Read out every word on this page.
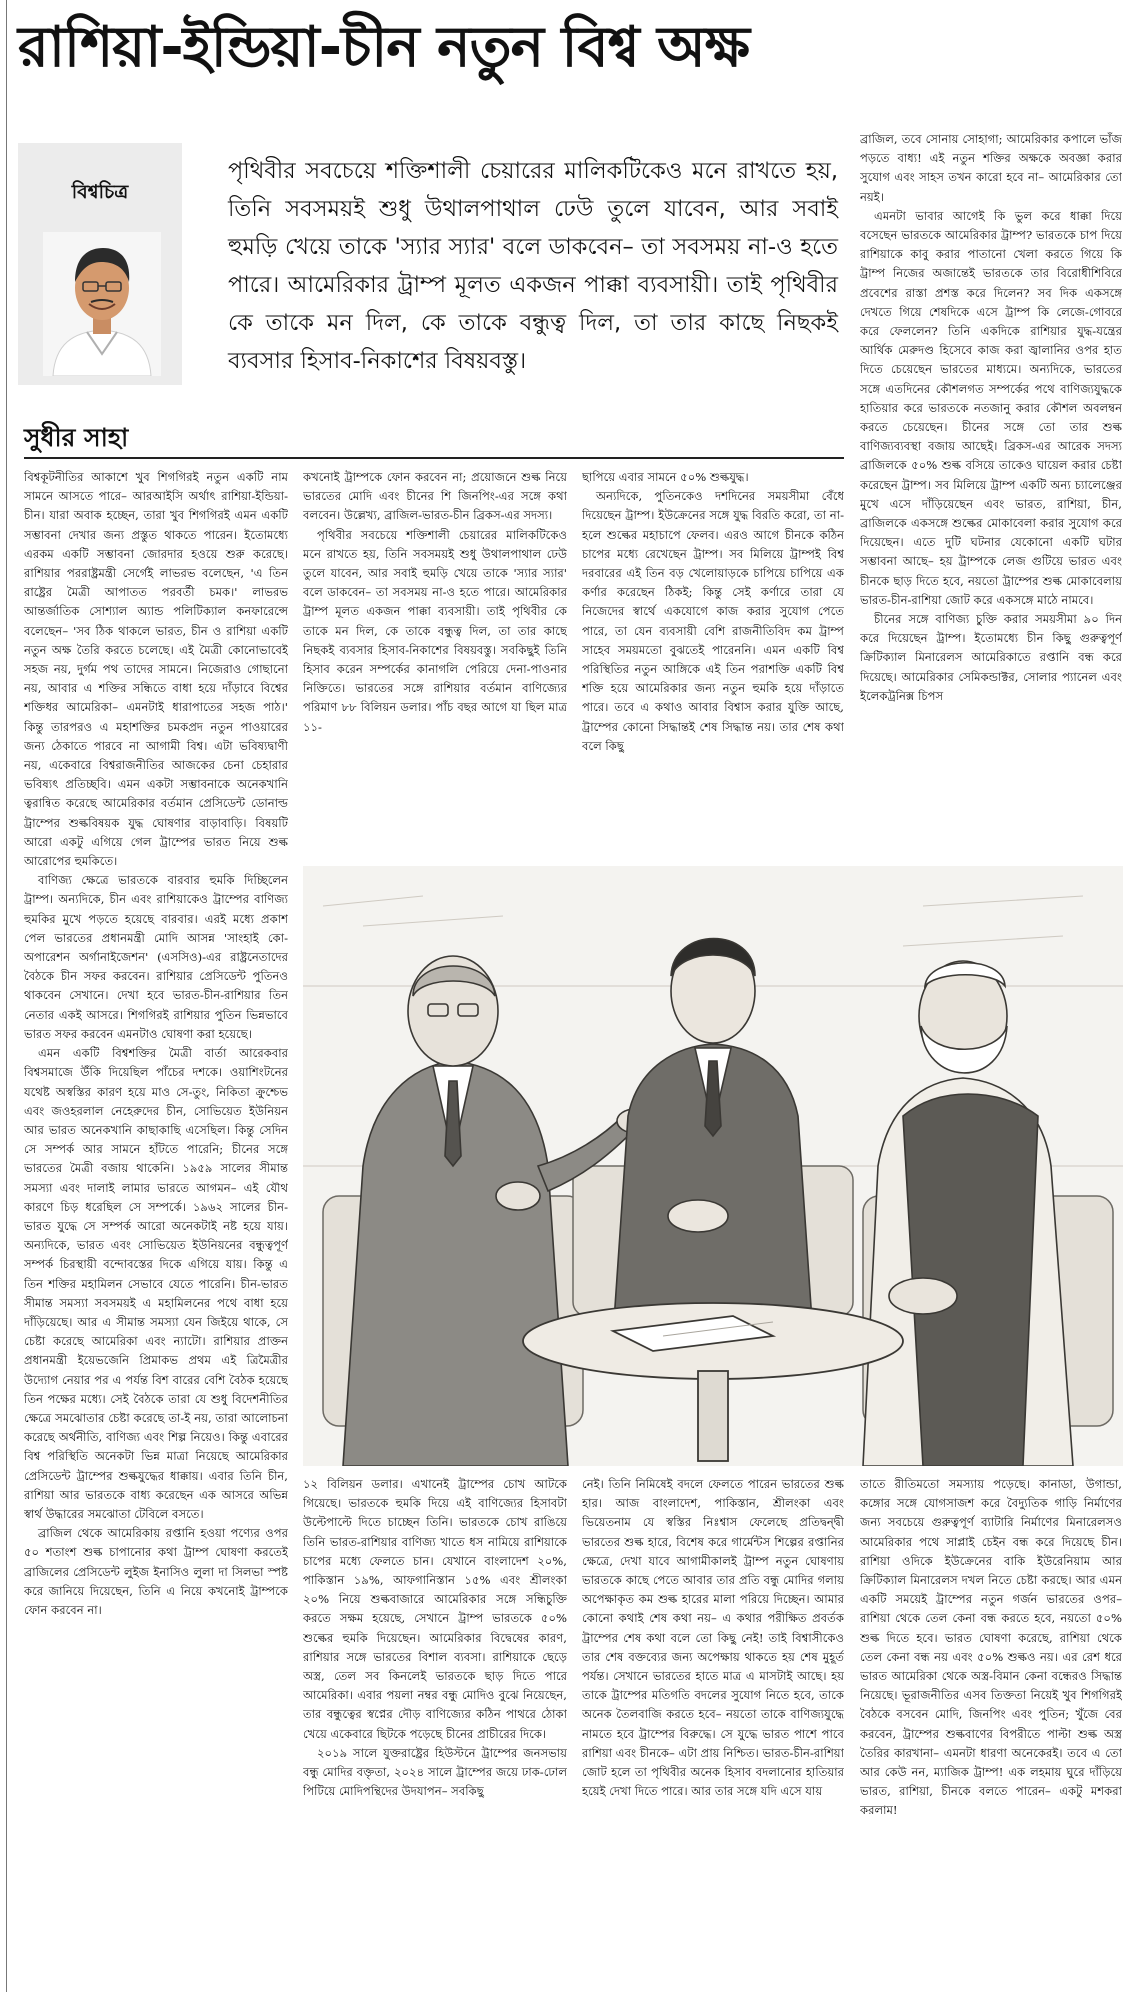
রাশিয়া-ইন্ডিয়া-চীন নতুন বিশ্ব অক্ষ
বিশ্বচিত্র
পৃথিবীর সবচেয়ে শক্তিশালী চেয়ারের মালিকটিকেও মনে রাখতে হয়, তিনি সবসময়ই শুধু উথালপাথাল ঢেউ তুলে যাবেন, আর সবাই হুমড়ি খেয়ে তাকে 'স্যার স্যার' বলে ডাকবেন– তা সবসময় না-ও হতে পারে। আমেরিকার ট্রাম্প মূলত একজন পাক্কা ব্যবসায়ী। তাই পৃথিবীর কে তাকে মন দিল, কে তাকে বন্ধুত্ব দিল, তা তার কাছে নিছকই ব্যবসার হিসাব-নিকাশের বিষয়বস্তু।
সুধীর সাহা

বিশ্বকূটনীতির আকাশে খুব শিগগিরই নতুন একটি নাম সামনে আসতে পারে– আরআইসি অর্থাৎ রাশিয়া-ইন্ডিয়া-চীন। যারা অবাক হচ্ছেন, তারা খুব শিগগিরই এমন একটি সম্ভাবনা দেখার জন্য প্রস্তুত থাকতে পারেন। ইতোমধ্যে এরকম একটি সম্ভাবনা জোরদার হওয়ে শুরু করেছে। রাশিয়ার পররাষ্ট্রমন্ত্রী সের্গেই লাভরভ বলেছেন, 'এ তিন রাষ্ট্রের মৈত্রী আপাতত পরবর্তী চমক।' লাভরভ আন্তর্জাতিক সোশ্যাল অ্যান্ড পলিটিক্যাল কনফারেন্সে বলেছেন– 'সব ঠিক থাকলে ভারত, চীন ও রাশিয়া একটি নতুন অক্ষ তৈরি করতে চলেছে। এই মৈত্রী কোনোভাবেই সহজ নয়, দুর্গম পথ তাদের সামনে। নিজেরাও গোছানো নয়, আবার এ শক্তির সন্ধিতে বাধা হয়ে দাঁড়াবে বিশ্বের শক্তিধর আমেরিকা– এমনটাই ধারাপাতের সহজ পাঠ।' কিন্তু তারপরও এ মহাশক্তির চমকপ্রদ নতুন পাওয়ারের জন্য ঠেকাতে পারবে না আগামী বিশ্ব। এটা ভবিষ্যদ্বাণী নয়, একেবারে বিশ্বরাজনীতির আজকের চেনা চেহারার ভবিষ্যৎ প্রতিচ্ছবি। এমন একটা সম্ভাবনাকে অনেকখানি ত্বরান্বিত করেছে আমেরিকার বর্তমান প্রেসিডেন্ট ডোনাল্ড ট্রাম্পের শুল্কবিষয়ক যুদ্ধ ঘোষণার বাড়াবাড়ি। বিষয়টি আরো একটু এগিয়ে গেল ট্রাম্পের ভারত নিয়ে শুল্ক আরোপের হুমকিতে।

বাণিজ্য ক্ষেত্রে ভারতকে বারবার হুমকি দিচ্ছিলেন ট্রাম্প। অন্যদিকে, চীন এবং রাশিয়াকেও ট্রাম্পের বাণিজ্য হুমকির মুখে পড়তে হয়েছে বারবার। এরই মধ্যে প্রকাশ পেল ভারতের প্রধানমন্ত্রী মোদি আসন্ন 'সাংহাই কো-অপারেশন অর্গানাইজেশন' (এসসিও)-এর রাষ্ট্রনেতাদের বৈঠকে চীন সফর করবেন। রাশিয়ার প্রেসিডেন্ট পুতিনও থাকবেন সেখানে। দেখা হবে ভারত-চীন-রাশিয়ার তিন নেতার একই আসরে। শিগগিরই রাশিয়ার পুতিন ভিন্নভাবে ভারত সফর করবেন এমনটাও ঘোষণা করা হয়েছে।

এমন একটি বিশ্বশক্তির মৈত্রী বার্তা আরেকবার বিশ্বসমাজে উঁকি দিয়েছিল পাঁচের দশকে। ওয়াশিংটনের যথেষ্ট অস্বস্তির কারণ হয়ে মাও সে-তুং, নিকিতা ক্রুশ্চেভ এবং জওহরলাল নেহেরুদের চীন, সোভিয়েত ইউনিয়ন আর ভারত অনেকখানি কাছাকাছি এসেছিল। কিন্তু সেদিন সে সম্পর্ক আর সামনে হাঁটতে পারেনি; চীনের সঙ্গে ভারতের মৈত্রী বজায় থাকেনি। ১৯৫৯ সালের সীমান্ত সমস্যা এবং দালাই লামার ভারতে আগমন– এই যৌথ কারণে চিড় ধরেছিল সে সম্পর্কে। ১৯৬২ সালের চীন-ভারত যুদ্ধে সে সম্পর্ক আরো অনেকটাই নষ্ট হয়ে যায়। অন্যদিকে, ভারত এবং সোভিয়েত ইউনিয়নের বন্ধুত্বপূর্ণ সম্পর্ক চিরস্থায়ী বন্দোবস্তের দিকে এগিয়ে যায়। কিন্তু এ তিন শক্তির মহামিলন সেভাবে যেতে পারেনি। চীন-ভারত সীমান্ত সমস্যা সবসময়ই এ মহামিলনের পথে বাধা হয়ে দাঁড়িয়েছে। আর এ সীমান্ত সমস্যা যেন জিইয়ে থাকে, সে চেষ্টা করেছে আমেরিকা এবং ন্যাটো। রাশিয়ার প্রাক্তন প্রধানমন্ত্রী ইয়েভজেনি প্রিমাকভ প্রথম এই ত্রিমৈত্রীর উদ্যোগ নেয়ার পর এ পর্যন্ত বিশ বারের বেশি বৈঠক হয়েছে তিন পক্ষের মধ্যে। সেই বৈঠকে তারা যে শুধু বিদেশনীতির ক্ষেত্রে সমঝোতার চেষ্টা করেছে তা-ই নয়, তারা আলোচনা করেছে অর্থনীতি, বাণিজ্য এবং শিল্প নিয়েও। কিন্তু এবারের বিশ্ব পরিস্থিতি অনেকটা ভিন্ন মাত্রা নিয়েছে আমেরিকার প্রেসিডেন্ট ট্রাম্পের শুল্কযুদ্ধের ধাক্কায়। এবার তিনি চীন, রাশিয়া আর ভারতকে বাধ্য করেছেন এক আসরে অভিন্ন স্বার্থ উদ্ধারের সমঝোতা টেবিলে বসতে।

ব্রাজিল থেকে আমেরিকায় রপ্তানি হওয়া পণ্যের ওপর ৫০ শতাংশ শুল্ক চাপানোর কথা ট্রাম্প ঘোষণা করতেই ব্রাজিলের প্রেসিডেন্ট লুইজ ইনাসিও লুলা দা সিলভা স্পষ্ট করে জানিয়ে দিয়েছেন, তিনি এ নিয়ে কখনোই ট্রাম্পকে ফোন করবেন না।

কখনোই ট্রাম্পকে ফোন করবেন না; প্রয়োজনে শুল্ক নিয়ে ভারতের মোদি এবং চীনের শি জিনপিং-এর সঙ্গে কথা বলবেন। উল্লেখ্য, ব্রাজিল-ভারত-চীন ব্রিকস-এর সদস্য।

পৃথিবীর সবচেয়ে শক্তিশালী চেয়ারের মালিকটিকেও মনে রাখতে হয়, তিনি সবসময়ই শুধু উথালপাথাল ঢেউ তুলে যাবেন, আর সবাই হুমড়ি খেয়ে তাকে 'স্যার স্যার' বলে ডাকবেন– তা সবসময় না-ও হতে পারে। আমেরিকার ট্রাম্প মূলত একজন পাক্কা ব্যবসায়ী। তাই পৃথিবীর কে তাকে মন দিল, কে তাকে বন্ধুত্ব দিল, তা তার কাছে নিছকই ব্যবসার হিসাব-নিকাশের বিষয়বস্তু। সবকিছুই তিনি হিসাব করেন সম্পর্কের কানাগলি পেরিয়ে দেনা-পাওনার নিক্তিতে। ভারতের সঙ্গে রাশিয়ার বর্তমান বাণিজ্যের পরিমাণ ৮৮ বিলিয়ন ডলার। পাঁচ বছর আগে যা ছিল মাত্র ১১-

ছাপিয়ে এবার সামনে ৫০% শুল্কযুদ্ধ।

অন্যদিকে, পুতিনকেও দশদিনের সময়সীমা বেঁধে দিয়েছেন ট্রাম্প। ইউক্রেনের সঙ্গে যুদ্ধ বিরতি করো, তা না-হলে শুল্কের মহাচাপে ফেলব। এরও আগে চীনকে কঠিন চাপের মধ্যে রেখেছেন ট্রাম্প। সব মিলিয়ে ট্রাম্পই বিশ্ব দরবারের এই তিন বড় খেলোয়াড়কে চাপিয়ে চাপিয়ে এক কর্ণার করেছেন ঠিকই; কিন্তু সেই কর্ণারে তারা যে নিজেদের স্বার্থে একযোগে কাজ করার সুযোগ পেতে পারে, তা যেন ব্যবসায়ী বেশি রাজনীতিবিদ কম ট্রাম্প সাহেব সময়মতো বুঝতেই পারেননি। এমন একটি বিশ্ব পরিস্থিতির নতুন আঙ্গিকে এই তিন পরাশক্তি একটি বিশ্ব শক্তি হয়ে আমেরিকার জন্য নতুন হুমকি হয়ে দাঁড়াতে পারে। তবে এ কথাও আবার বিশ্বাস করার যুক্তি আছে, ট্রাম্পের কোনো সিদ্ধান্তই শেষ সিদ্ধান্ত নয়। তার শেষ কথা বলে কিছু

ব্রাজিল, তবে সোনায় সোহাগা; আমেরিকার কপালে ভাঁজ পড়তে বাধ্য! এই নতুন শক্তির অক্ষকে অবজ্ঞা করার সুযোগ এবং সাহস তখন কারো হবে না– আমেরিকার তো নয়ই।

এমনটা ভাবার আগেই কি ভুল করে ধাক্কা দিয়ে বসেছেন ভারতকে আমেরিকার ট্রাম্প? ভারতকে চাপ দিয়ে রাশিয়াকে কাবু করার পাতানো খেলা করতে গিয়ে কি ট্রাম্প নিজের অজান্তেই ভারতকে তার বিরোধীশিবিরে প্রবেশের রাস্তা প্রশস্ত করে দিলেন? সব দিক একসঙ্গে দেখতে গিয়ে শেষদিকে এসে ট্রাম্প কি লেজে-গোবরে করে ফেললেন? তিনি একদিকে রাশিয়ার যুদ্ধ-যন্ত্রের আর্থিক মেরুদণ্ড হিসেবে কাজ করা জ্বালানির ওপর হাত দিতে চেয়েছেন ভারতের মাধ্যমে। অন্যদিকে, ভারতের সঙ্গে এতদিনের কৌশলগত সম্পর্কের পথে বাণিজ্যযুদ্ধকে হাতিয়ার করে ভারতকে নতজানু করার কৌশল অবলম্বন করতে চেয়েছেন। চীনের সঙ্গে তো তার শুল্ক বাণিজ্যব্যবস্থা বজায় আছেই। ব্রিকস-এর আরেক সদস্য ব্রাজিলকে ৫০% শুল্ক বসিয়ে তাকেও ঘায়েল করার চেষ্টা করেছেন ট্রাম্প। সব মিলিয়ে ট্রাম্প একটি অন্য চ্যালেঞ্জের মুখে এসে দাঁড়িয়েছেন এবং ভারত, রাশিয়া, চীন, ব্রাজিলকে একসঙ্গে শুল্কের মোকাবেলা করার সুযোগ করে দিয়েছেন। এতে দুটি ঘটনার যেকোনো একটি ঘটার সম্ভাবনা আছে– হয় ট্রাম্পকে লেজ গুটিয়ে ভারত এবং চীনকে ছাড় দিতে হবে, নয়তো ট্রাম্পের শুল্ক মোকাবেলায় ভারত-চীন-রাশিয়া জোট করে একসঙ্গে মাঠে নামবে।

চীনের সঙ্গে বাণিজ্য চুক্তি করার সময়সীমা ৯০ দিন করে দিয়েছেন ট্রাম্প। ইতোমধ্যে চীন কিছু গুরুত্বপূর্ণ ক্রিটিক্যাল মিনারেলস আমেরিকাতে রপ্তানি বন্ধ করে দিয়েছে। আমেরিকার সেমিকন্ডাক্টর, সোলার প্যানেল এবং ইলেকট্রনিক্স চিপস

১২ বিলিয়ন ডলার। এখানেই ট্রাম্পের চোখ আটকে গিয়েছে। ভারতকে হুমকি দিয়ে এই বাণিজ্যের হিসাবটা উল্টেপাল্টে দিতে চাচ্ছেন তিনি। ভারতকে চোখ রাঙিয়ে তিনি ভারত-রাশিয়ার বাণিজ্য খাতে ধস নামিয়ে রাশিয়াকে চাপের মধ্যে ফেলতে চান। যেখানে বাংলাদেশ ২০%, পাকিস্তান ১৯%, আফগানিস্তান ১৫% এবং শ্রীলংকা ২০% নিয়ে শুল্কবাজারে আমেরিকার সঙ্গে সন্ধিচুক্তি করতে সক্ষম হয়েছে, সেখানে ট্রাম্প ভারতকে ৫০% শুল্কের হুমকি দিয়েছেন। আমেরিকার বিদ্বেষের কারণ, রাশিয়ার সঙ্গে ভারতের বিশাল ব্যবসা। রাশিয়াকে ছেড়ে অস্ত্র, তেল সব কিনলেই ভারতকে ছাড় দিতে পারে আমেরিকা। এবার পয়লা নম্বর বন্ধু মোদিও বুঝে নিয়েছেন, তার বন্ধুত্বের স্বপ্নের দৌড় বাণিজ্যের কঠিন পাথরে ঠোকা খেয়ে একেবারে ছিটকে পড়েছে চীনের প্রাচীরের দিকে।

২০১৯ সালে যুক্তরাষ্ট্রের হিউস্টনে ট্রাম্পের জনসভায় বন্ধু মোদির বক্তৃতা, ২০২৪ সালে ট্রাম্পের জয়ে ঢাক-ঢোল পিটিয়ে মোদিপন্থিদের উদযাপন– সবকিছু

নেই। তিনি নিমিষেই বদলে ফেলতে পারেন ভারতের শুল্ক হার। আজ বাংলাদেশ, পাকিস্তান, শ্রীলংকা এবং ভিয়েতনাম যে স্বস্তির নিঃশ্বাস ফেলেছে প্রতিদ্বন্দ্বী ভারতের শুল্ক হারে, বিশেষ করে গার্মেন্টস শিল্পের রপ্তানির ক্ষেত্রে, দেখা যাবে আগামীকালই ট্রাম্প নতুন ঘোষণায় ভারতকে কাছে পেতে আবার তার প্রতি বন্ধু মোদির গলায় অপেক্ষাকৃত কম শুল্ক হারের মালা পরিয়ে দিচ্ছেন। আমার কোনো কথাই শেষ কথা নয়– এ কথার পরীক্ষিত প্রবর্তক ট্রাম্পের শেষ কথা বলে তো কিছু নেই! তাই বিশ্বাসীকেও তার শেষ বক্তব্যের জন্য অপেক্ষায় থাকতে হয় শেষ মুহূর্ত পর্যন্ত। সেখানে ভারতের হাতে মাত্র এ মাসটাই আছে। হয় তাকে ট্রাম্পের মতিগতি বদলের সুযোগ নিতে হবে, তাকে অনেক তৈলবাজি করতে হবে– নয়তো তাকে বাণিজ্যযুদ্ধে নামতে হবে ট্রাম্পের বিরুদ্ধে। সে যুদ্ধে ভারত পাশে পাবে রাশিয়া এবং চীনকে– এটা প্রায় নিশ্চিত। ভারত-চীন-রাশিয়া জোট হলে তা পৃথিবীর অনেক হিসাব বদলানোর হাতিয়ার হয়েই দেখা দিতে পারে। আর তার সঙ্গে যদি এসে যায়

তাতে রীতিমতো সমস্যায় পড়েছে। কানাডা, উগান্ডা, কঙ্গোর সঙ্গে যোগসাজশ করে বৈদ্যুতিক গাড়ি নির্মাণের জন্য সবচেয়ে গুরুত্বপূর্ণ ব্যাটারি নির্মাণের মিনারেলসও আমেরিকার পথে সাপ্লাই চেইন বন্ধ করে দিয়েছে চীন। রাশিয়া ওদিকে ইউক্রেনের বাকি ইউরেনিয়াম আর ক্রিটিক্যাল মিনারেলস দখল নিতে চেষ্টা করছে। আর এমন একটি সময়েই ট্রাম্পের নতুন গর্জন ভারতের ওপর– রাশিয়া থেকে তেল কেনা বন্ধ করতে হবে, নয়তো ৫০% শুল্ক দিতে হবে। ভারত ঘোষণা করেছে, রাশিয়া থেকে তেল কেনা বন্ধ নয় এবং ৫০% শুল্কও নয়। এর রেশ ধরে ভারত আমেরিকা থেকে অস্ত্র-বিমান কেনা বন্ধেরও সিদ্ধান্ত নিয়েছে। ভূরাজনীতির এসব তিক্ততা নিয়েই খুব শিগগিরই বৈঠকে বসবেন মোদি, জিনপিং এবং পুতিন; খুঁজে বের করবেন, ট্রাম্পের শুল্কবাণের বিপরীতে পাল্টা শুল্ক অস্ত্র তৈরির কারখানা– এমনটা ধারণা অনেকেরই। তবে এ তো আর কেউ নন, ম্যাজিক ট্রাম্প! এক লহমায় ঘুরে দাঁড়িয়ে ভারত, রাশিয়া, চীনকে বলতে পারেন– একটু মশকরা করলাম!
